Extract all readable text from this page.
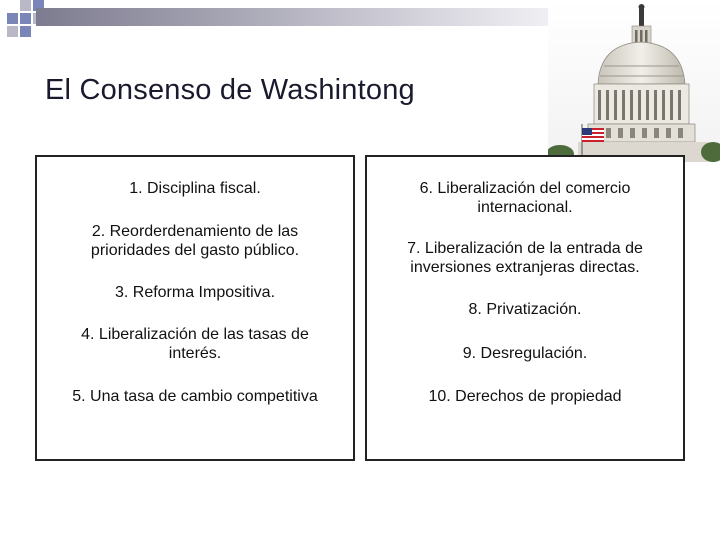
El Consenso de Washintong
1. Disciplina fiscal.
2. Reorderdenamiento de las
prioridades del gasto público.
3. Reforma Impositiva.
4. Liberalización de las tasas de
interés.
5. Una tasa de cambio competitiva
6. Liberalización del comercio
internacional.
7. Liberalización de la entrada de
inversiones extranjeras directas.
8. Privatización.
9. Desregulación.
10. Derechos de propiedad
